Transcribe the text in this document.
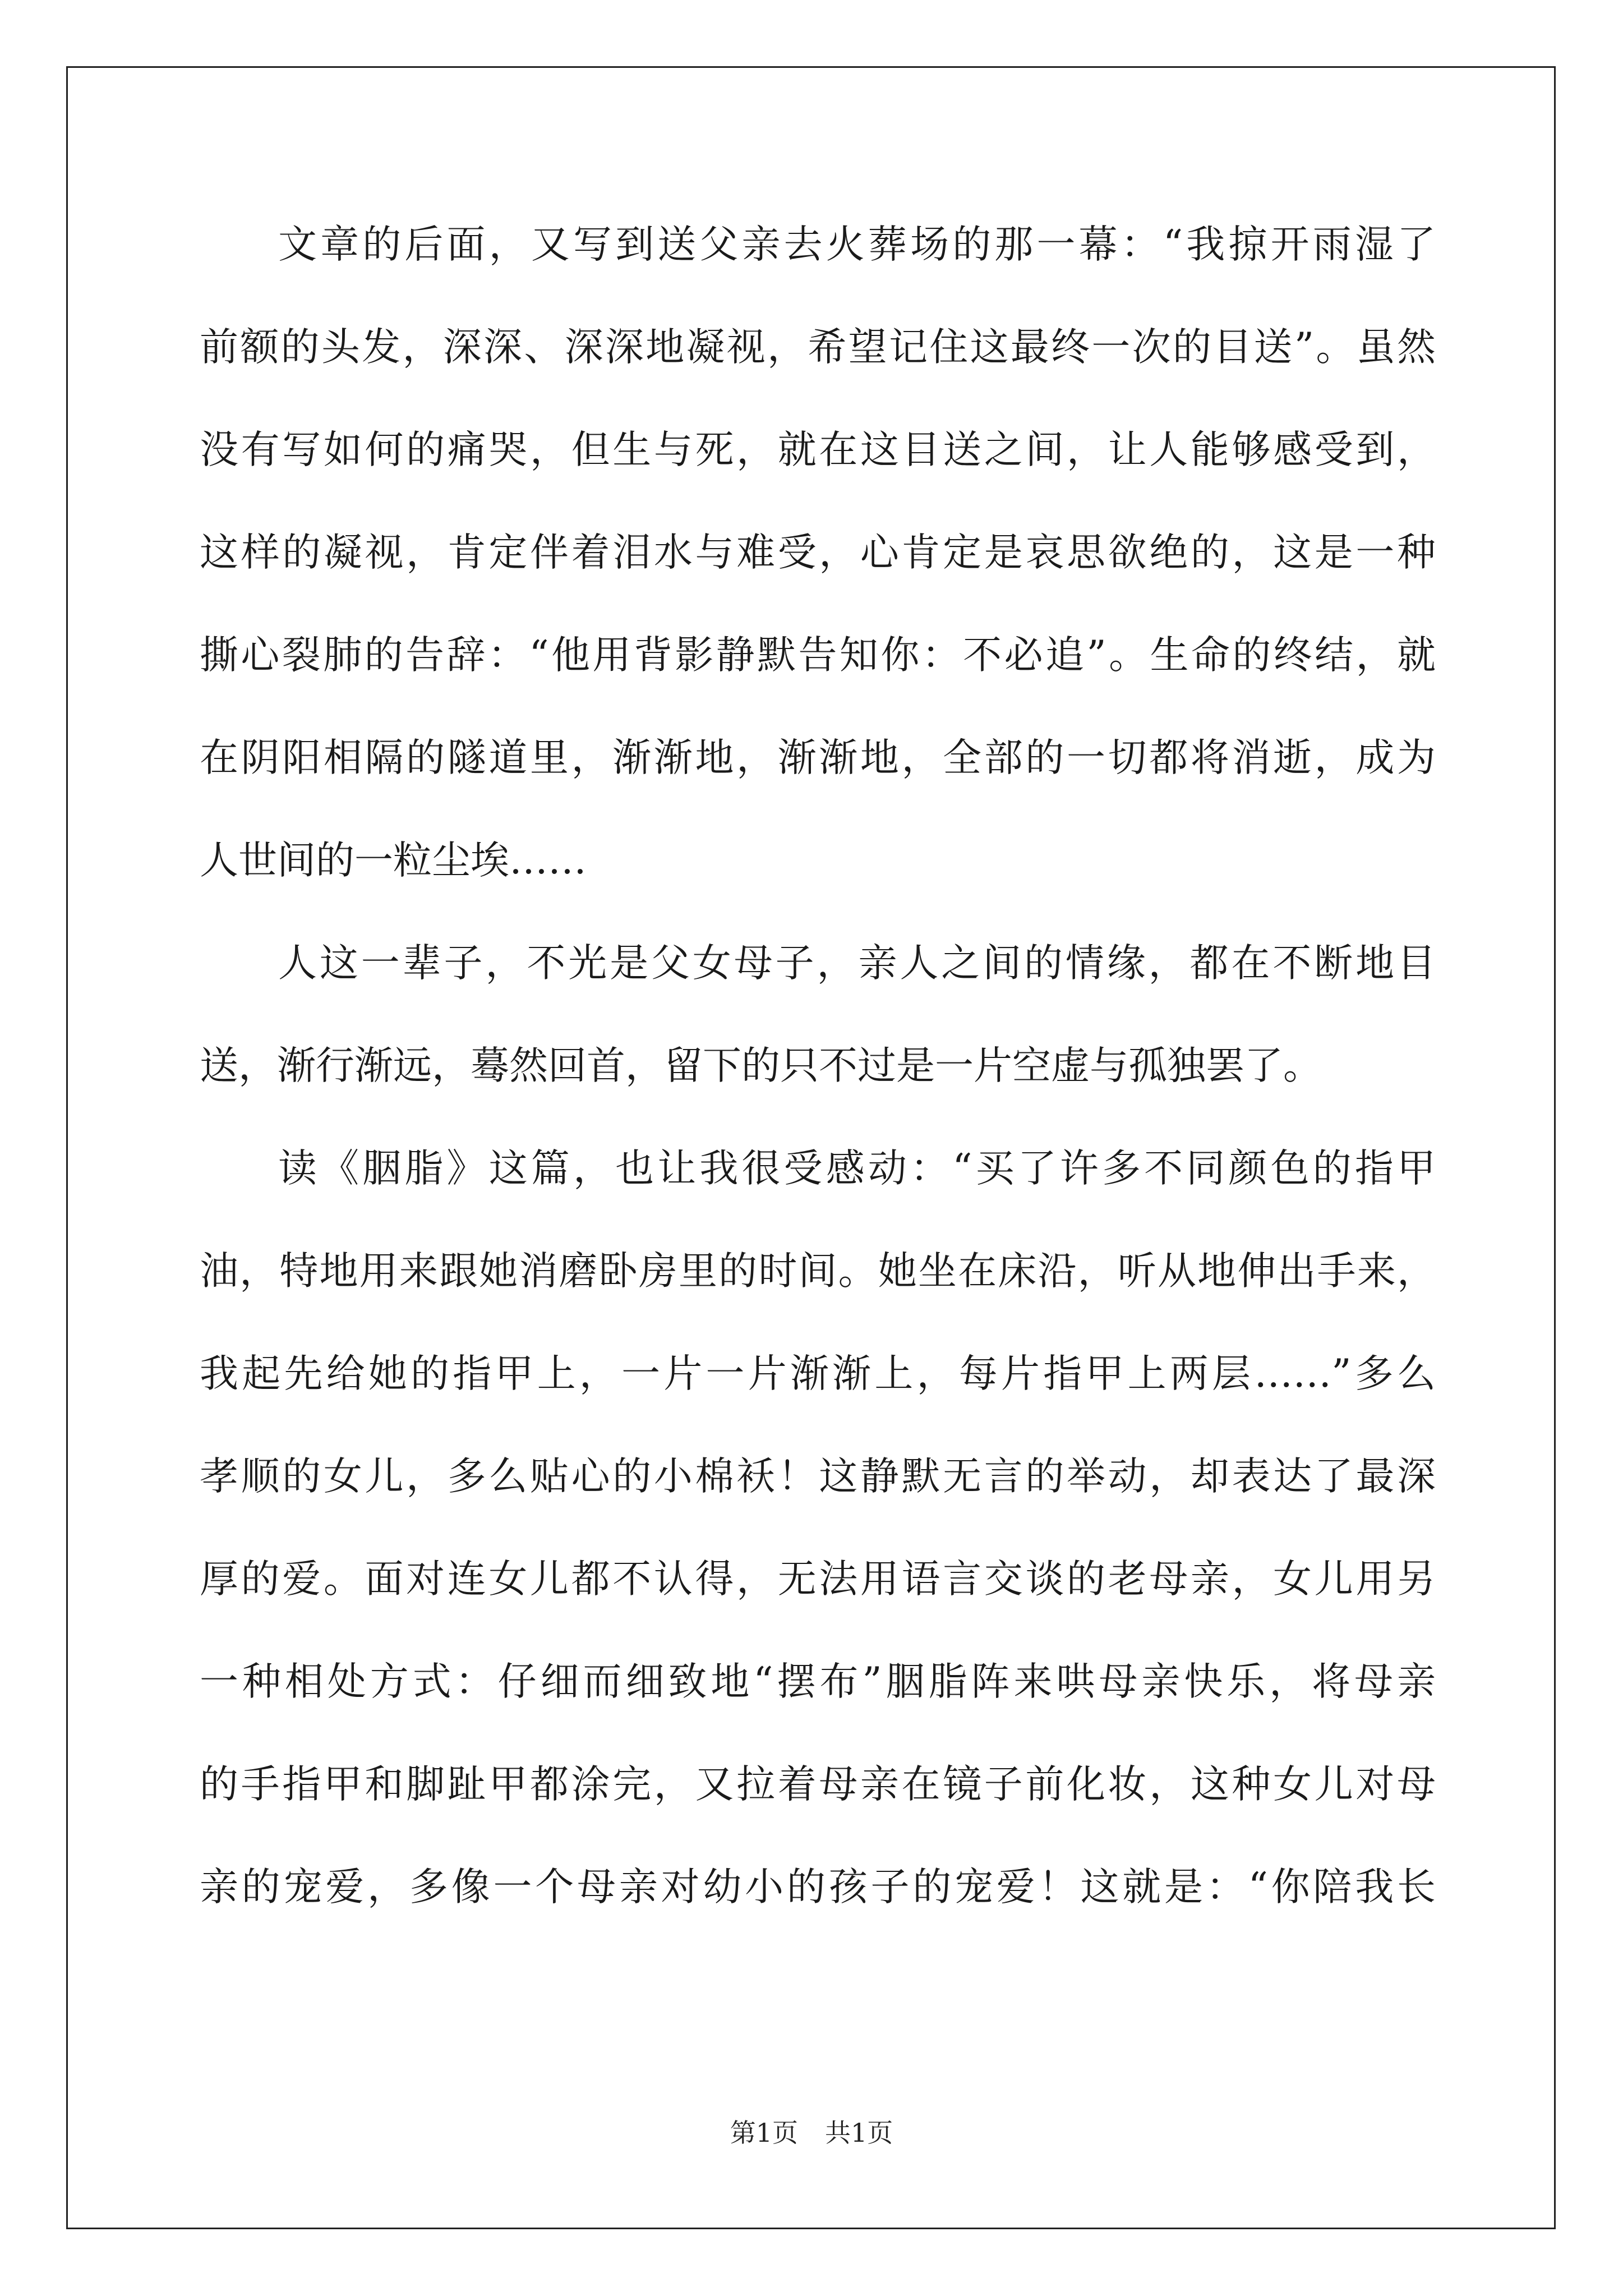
文章的后面，又写到送父亲去火葬场的那一幕：“我掠开雨湿了
前额的头发，深深、深深地凝视，希望记住这最终一次的目送”。虽然
没有写如何的痛哭，但生与死，就在这目送之间，让人能够感受到，
这样的凝视，肯定伴着泪水与难受，心肯定是哀思欲绝的，这是一种
撕心裂肺的告辞：“他用背影静默告知你：不必追”。生命的终结，就
在阴阳相隔的隧道里，渐渐地，渐渐地，全部的一切都将消逝，成为
人世间的一粒尘埃……
人这一辈子，不光是父女母子，亲人之间的情缘，都在不断地目
送，渐行渐远，蓦然回首，留下的只不过是一片空虚与孤独罢了。
读《胭脂》这篇，也让我很受感动：“买了许多不同颜色的指甲
油，特地用来跟她消磨卧房里的时间。她坐在床沿，听从地伸出手来，
我起先给她的指甲上，一片一片渐渐上，每片指甲上两层……”多么
孝顺的女儿，多么贴心的小棉袄！这静默无言的举动，却表达了最深
厚的爱。面对连女儿都不认得，无法用语言交谈的老母亲，女儿用另
一种相处方式：仔细而细致地“摆布”胭脂阵来哄母亲快乐，将母亲
的手指甲和脚趾甲都涂完，又拉着母亲在镜子前化妆，这种女儿对母
亲的宠爱，多像一个母亲对幼小的孩子的宠爱！这就是：“你陪我长
第1页 共1页
